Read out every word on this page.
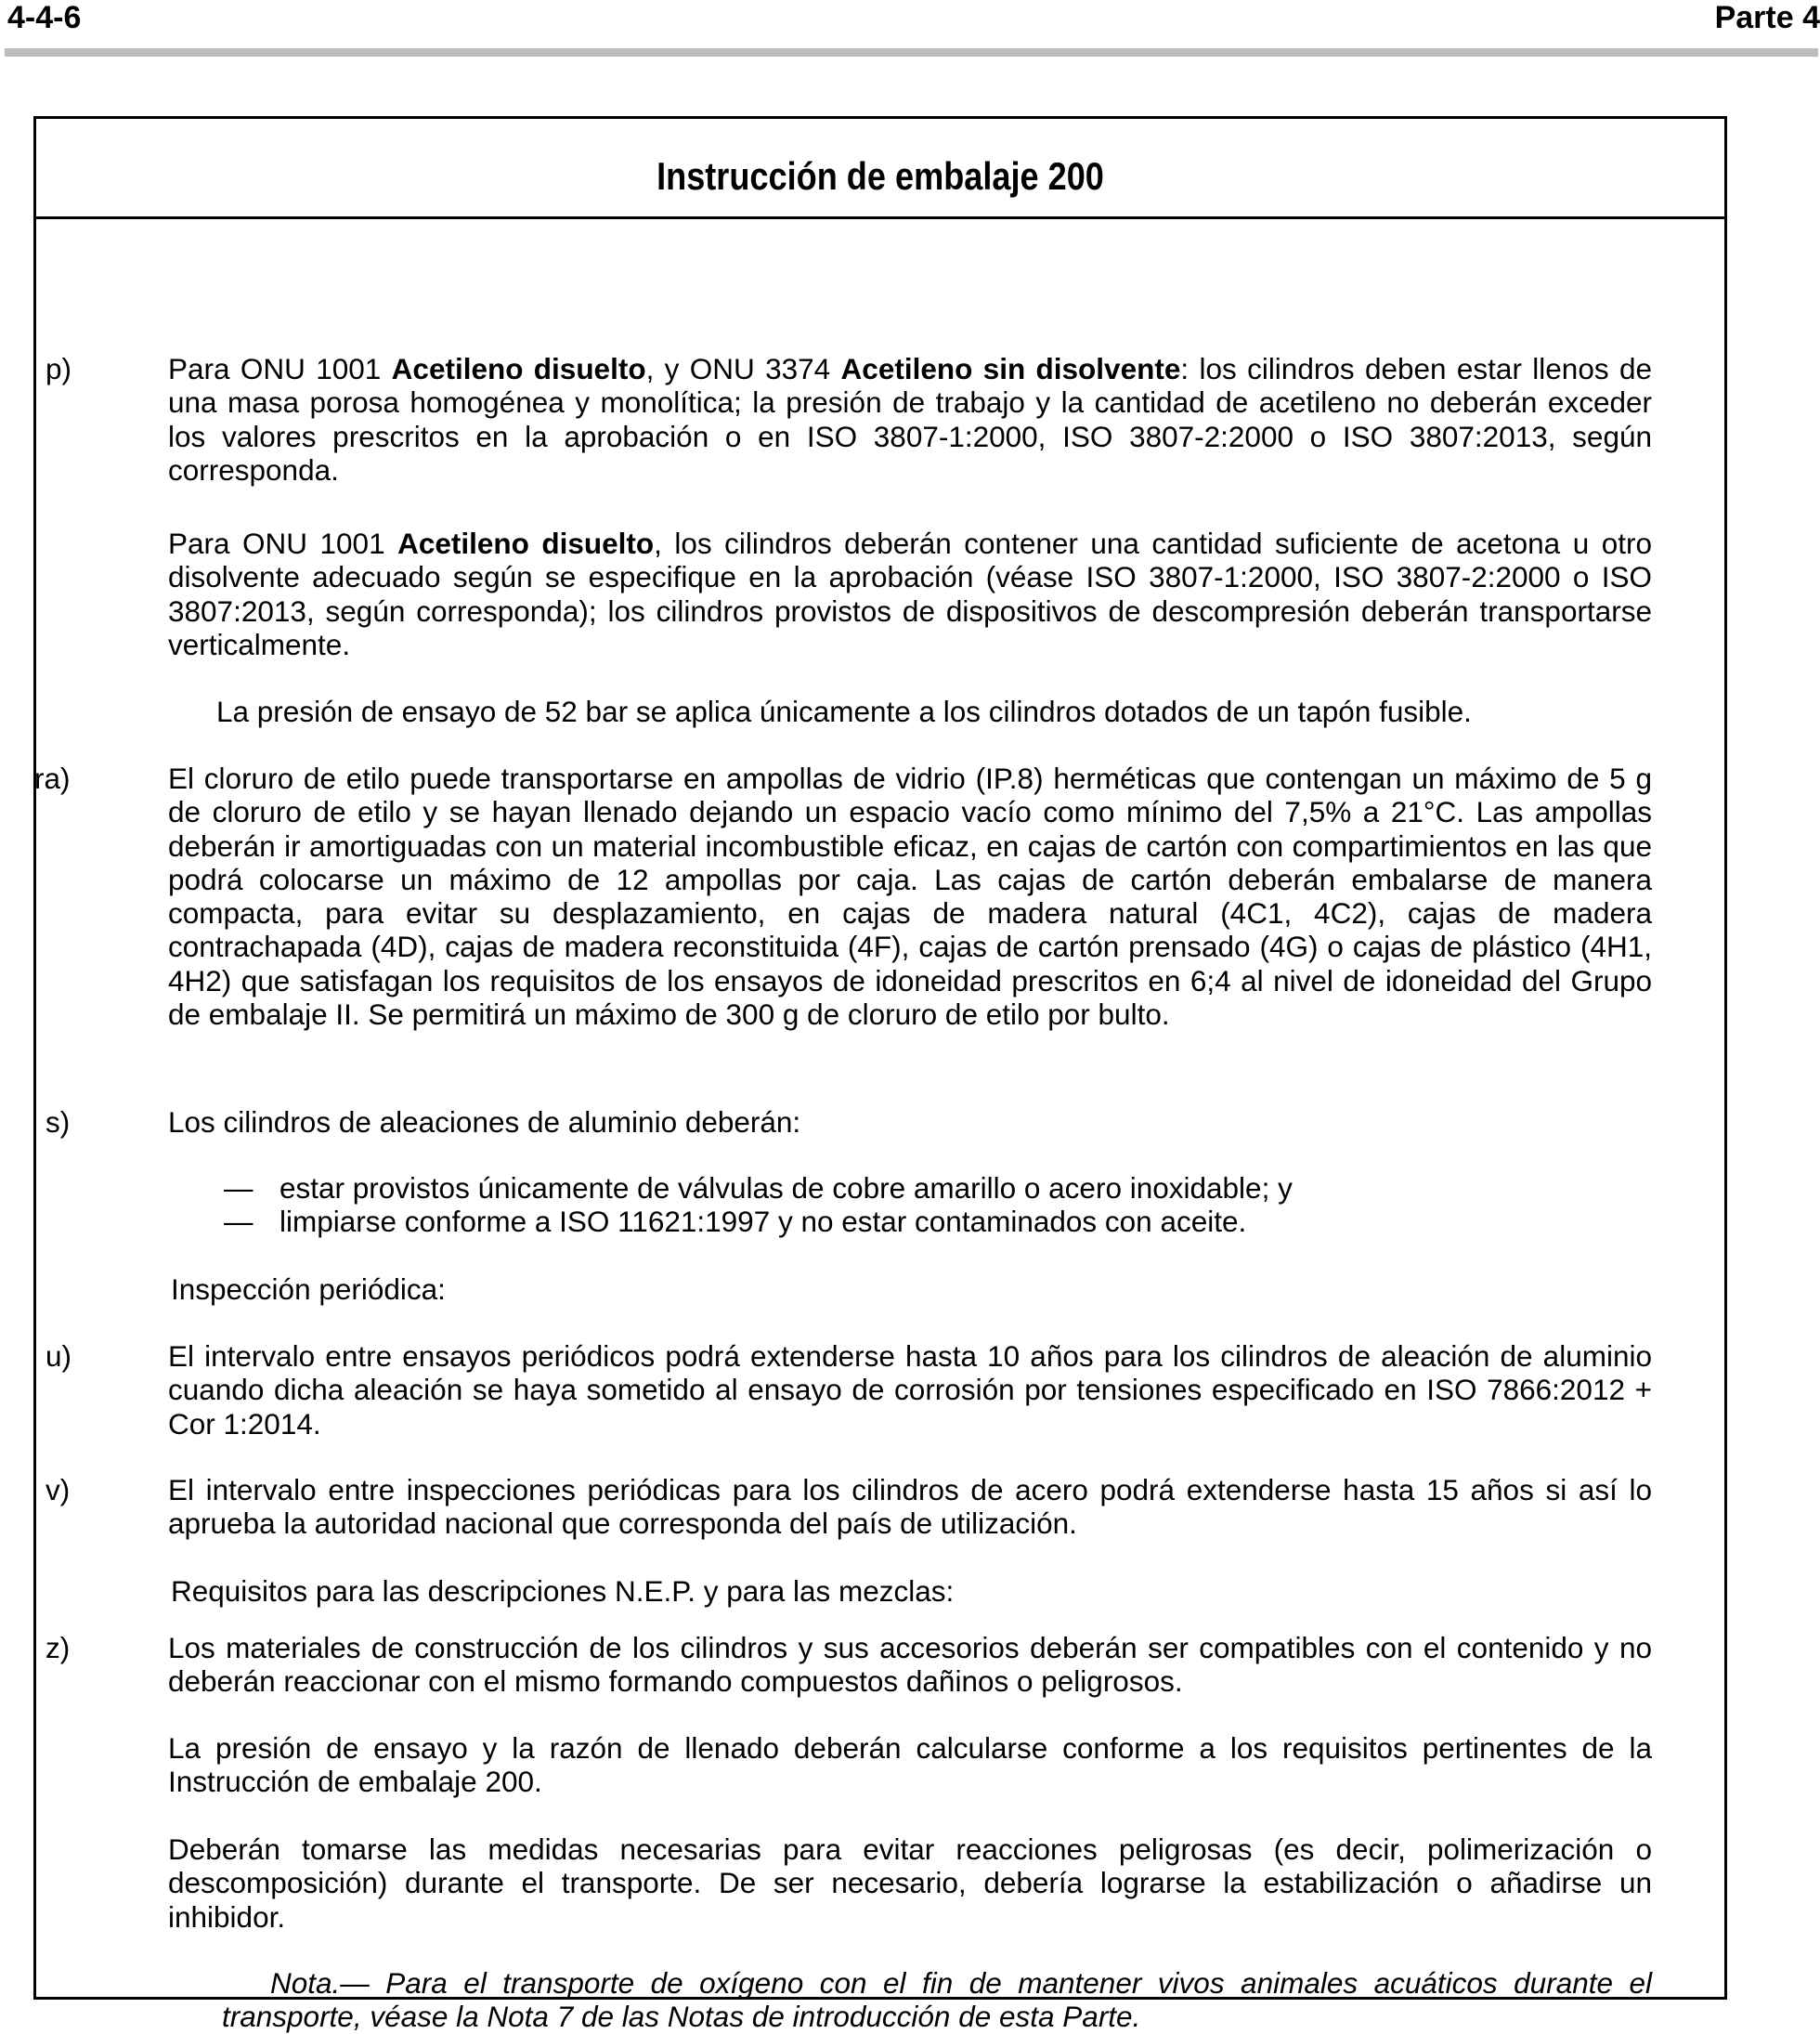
4-4-6	Parte 4
Instrucción de embalaje 200
p)	Para ONU 1001 Acetileno disuelto, y ONU 3374 Acetileno sin disolvente: los cilindros deben estar llenos de una masa porosa homogénea y monolítica; la presión de trabajo y la cantidad de acetileno no deberán exceder los valores prescritos en la aprobación o en ISO 3807-1:2000, ISO 3807-2:2000 o ISO 3807:2013, según corresponda.
Para ONU 1001 Acetileno disuelto, los cilindros deberán contener una cantidad suficiente de acetona u otro disolvente adecuado según se especifique en la aprobación (véase ISO 3807-1:2000, ISO 3807-2:2000 o ISO 3807:2013, según corresponda); los cilindros provistos de dispositivos de descompresión deberán transportarse verticalmente.
La presión de ensayo de 52 bar se aplica únicamente a los cilindros dotados de un tapón fusible.
ra)	El cloruro de etilo puede transportarse en ampollas de vidrio (IP.8) herméticas que contengan un máximo de 5 g de cloruro de etilo y se hayan llenado dejando un espacio vacío como mínimo del 7,5% a 21°C. Las ampollas deberán ir amortiguadas con un material incombustible eficaz, en cajas de cartón con compartimientos en las que podrá colocarse un máximo de 12 ampollas por caja. Las cajas de cartón deberán embalarse de manera compacta, para evitar su desplazamiento, en cajas de madera natural (4C1, 4C2), cajas de madera contrachapada (4D), cajas de madera reconstituida (4F), cajas de cartón prensado (4G) o cajas de plástico (4H1, 4H2) que satisfagan los requisitos de los ensayos de idoneidad prescritos en 6;4 al nivel de idoneidad del Grupo de embalaje II. Se permitirá un máximo de 300 g de cloruro de etilo por bulto.
s)	Los cilindros de aleaciones de aluminio deberán:
— estar provistos únicamente de válvulas de cobre amarillo o acero inoxidable; y
— limpiarse conforme a ISO 11621:1997 y no estar contaminados con aceite.
Inspección periódica:
u)	El intervalo entre ensayos periódicos podrá extenderse hasta 10 años para los cilindros de aleación de aluminio cuando dicha aleación se haya sometido al ensayo de corrosión por tensiones especificado en ISO 7866:2012 + Cor 1:2014.
v)	El intervalo entre inspecciones periódicas para los cilindros de acero podrá extenderse hasta 15 años si así lo aprueba la autoridad nacional que corresponda del país de utilización.
Requisitos para las descripciones N.E.P. y para las mezclas:
z)	Los materiales de construcción de los cilindros y sus accesorios deberán ser compatibles con el contenido y no deberán reaccionar con el mismo formando compuestos dañinos o peligrosos.
La presión de ensayo y la razón de llenado deberán calcularse conforme a los requisitos pertinentes de la Instrucción de embalaje 200.
Deberán tomarse las medidas necesarias para evitar reacciones peligrosas (es decir, polimerización o descomposición) durante el transporte. De ser necesario, debería lograrse la estabilización o añadirse un inhibidor.
Nota.— Para el transporte de oxígeno con el fin de mantener vivos animales acuáticos durante el transporte, véase la Nota 7 de las Notas de introducción de esta Parte.
